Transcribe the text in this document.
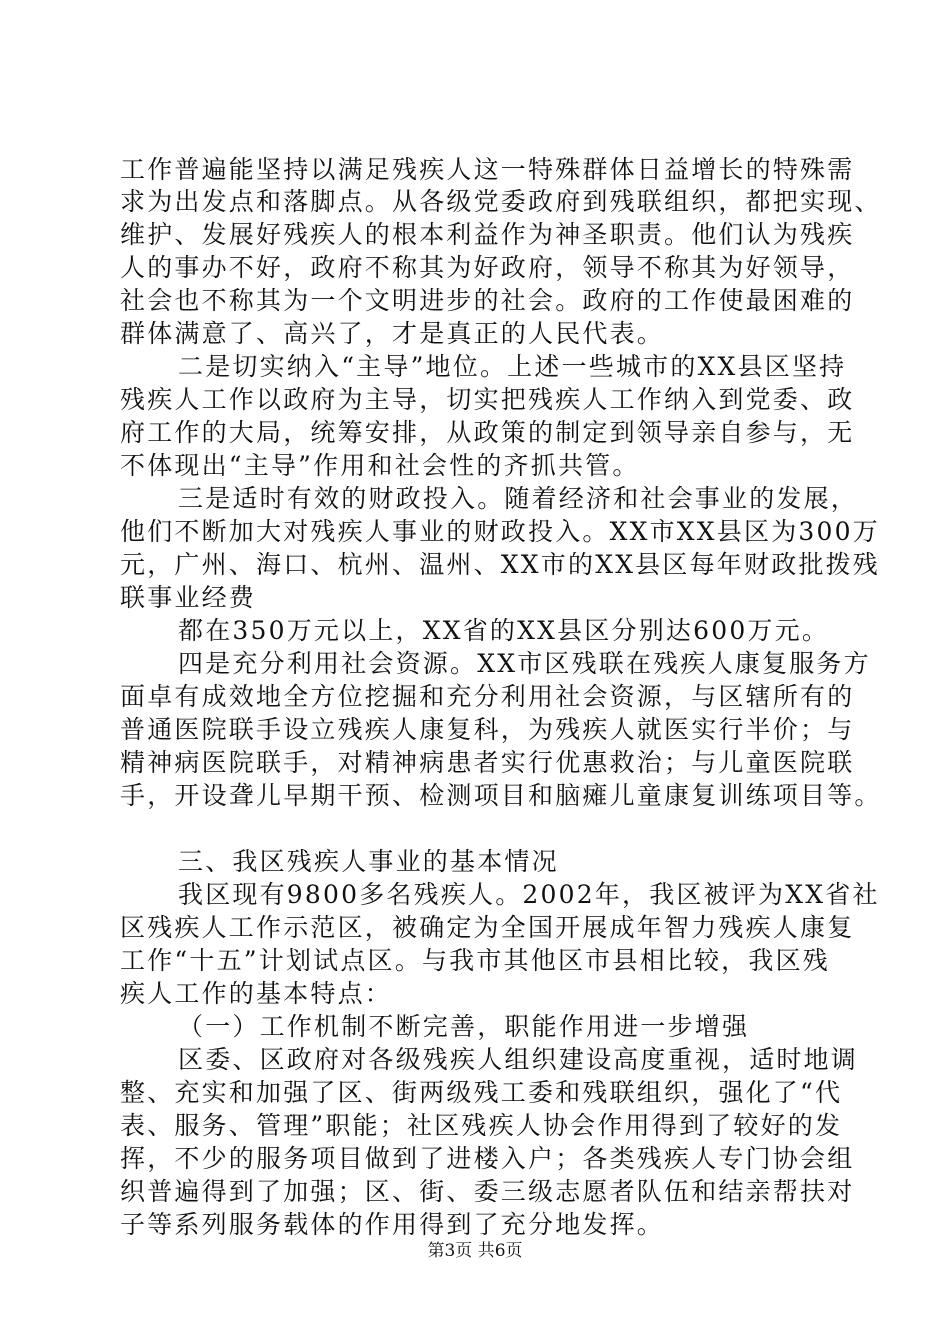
工作普遍能坚持以满足残疾人这一特殊群体日益增长的特殊需
求为出发点和落脚点。从各级党委政府到残联组织，都把实现、
维护、发展好残疾人的根本利益作为神圣职责。他们认为残疾
人的事办不好，政府不称其为好政府，领导不称其为好领导，
社会也不称其为一个文明进步的社会。政府的工作使最困难的
群体满意了、高兴了，才是真正的人民代表。
二是切实纳入“主导”地位。上述一些城市的XX县区坚持
残疾人工作以政府为主导，切实把残疾人工作纳入到党委、政
府工作的大局，统筹安排，从政策的制定到领导亲自参与，无
不体现出“主导”作用和社会性的齐抓共管。
三是适时有效的财政投入。随着经济和社会事业的发展，
他们不断加大对残疾人事业的财政投入。XX市XX县区为300万
元，广州、海口、杭州、温州、XX市的XX县区每年财政批拨残
联事业经费
都在350万元以上，XX省的XX县区分别达600万元。
四是充分利用社会资源。XX市区残联在残疾人康复服务方
面卓有成效地全方位挖掘和充分利用社会资源，与区辖所有的
普通医院联手设立残疾人康复科，为残疾人就医实行半价；与
精神病医院联手，对精神病患者实行优惠救治；与儿童医院联
手，开设聋儿早期干预、检测项目和脑瘫儿童康复训练项目等。
三、我区残疾人事业的基本情况
我区现有9800多名残疾人。2002年，我区被评为XX省社
区残疾人工作示范区，被确定为全国开展成年智力残疾人康复
工作“十五”计划试点区。与我市其他区市县相比较，我区残
疾人工作的基本特点：
（一）工作机制不断完善，职能作用进一步增强
区委、区政府对各级残疾人组织建设高度重视，适时地调
整、充实和加强了区、街两级残工委和残联组织，强化了“代
表、服务、管理”职能；社区残疾人协会作用得到了较好的发
挥，不少的服务项目做到了进楼入户；各类残疾人专门协会组
织普遍得到了加强；区、街、委三级志愿者队伍和结亲帮扶对
子等系列服务载体的作用得到了充分地发挥。
第3页 共6页
